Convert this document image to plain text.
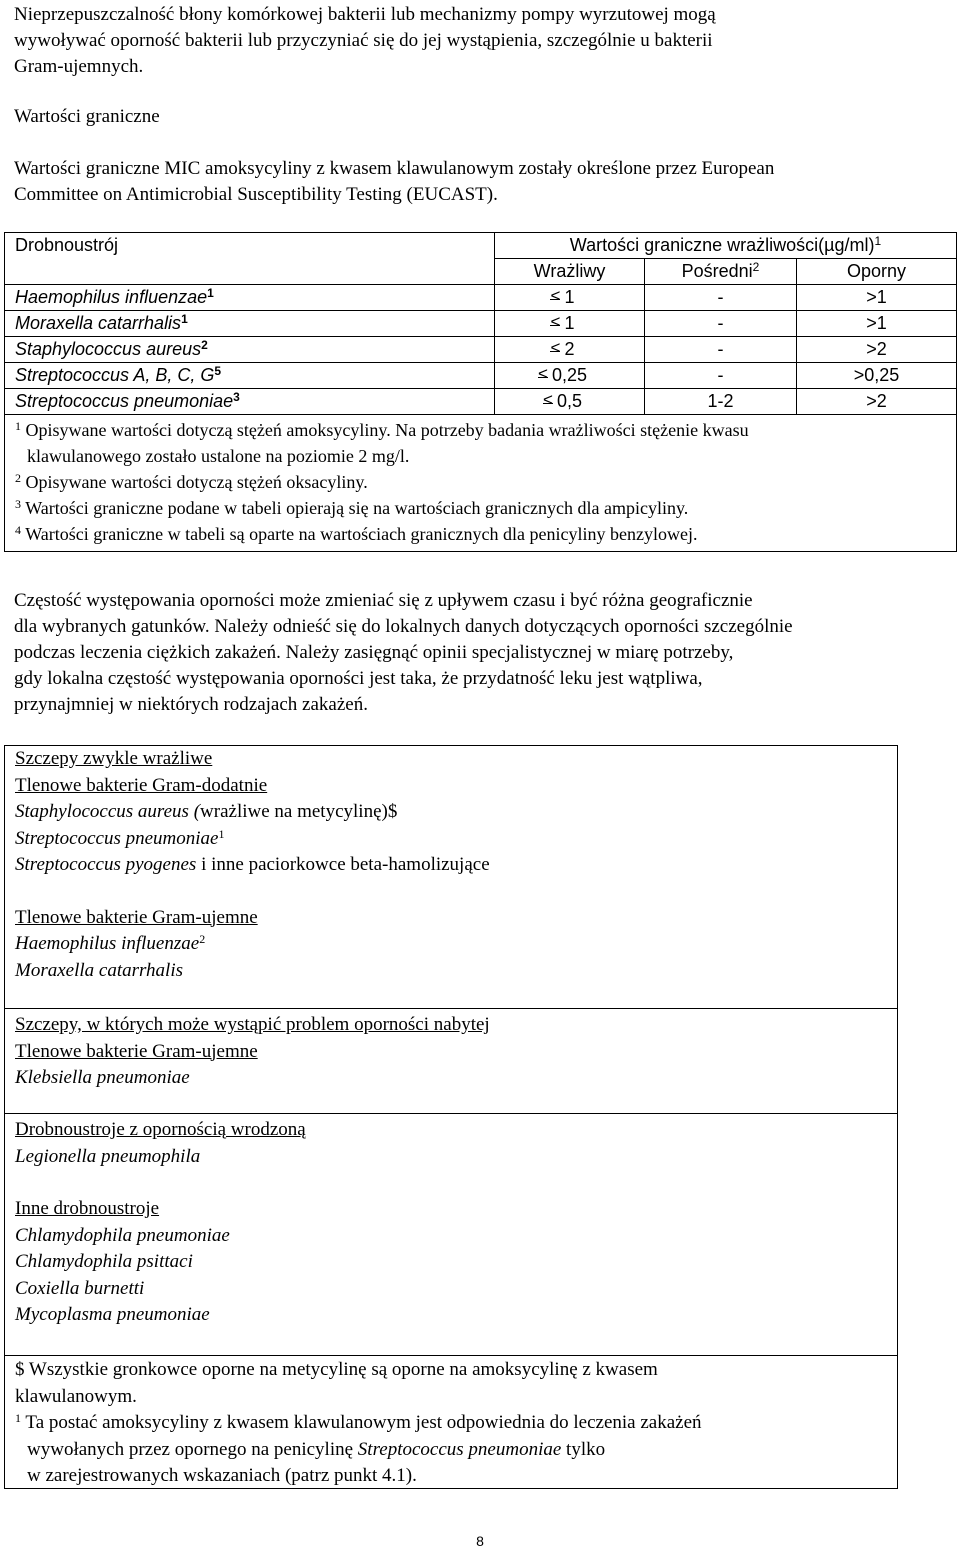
Nieprzepuszczalność błony komórkowej bakterii lub mechanizmy pompy wyrzutowej mogą

wywoływać oporność bakterii lub przyczyniać się do jej wystąpienia, szczególnie u bakterii

Gram-ujemnych.

Wartości graniczne

Wartości graniczne MIC amoksycyliny z kwasem klawulanowym zostały określone przez European

Committee on Antimicrobial Susceptibility Testing (EUCAST).

Drobnoustrój	Wartości graniczne $wrażliwości(\mu g/ml)^1$
	Wrażliwy	Pośredni$^2$	Oporny
Haemophilus influenzae$^1$	1 <	-	>1
Moraxella catarrhalis$^1$	1 <	-	>1
Staphylococcus aureus$^2$	2 <	-	>2
Streptococcus A, B, C, $G^5$	0,25 <	-	>0,25
Streptococcus pneumoniae$^3$	0,5 <	1-2	>2

$^1$ Opisywane wartości dotyczą stężeń amoksycyliny. Na potrzeby badania wrażliwości stężenie kwasu
klawulanowego zostało ustalone na poziomie 2 mg/l.
$^2$ Opisywane wartości dotyczą stężeń oksacyliny.
$^3$ Wartości graniczne podane w tabeli opierają się na wartościach granicznych dla ampicyliny.
$^4$ Wartości graniczne w tabeli są oparte na wartościach granicznych dla penicyliny benzylowej.			

Częstość występowania oporności może zmieniać się z upływem czasu i być różna geograficznie

dla wybranych gatunków. Należy odnieść się do lokalnych danych dotyczących oporności szczególnie

podczas leczenia ciężkich zakażeń. Należy zasięgnąć opinii specjalistycznej w miarę potrzeby,

gdy lokalna częstość występowania oporności jest taka, że przydatność leku jest wątpliwa,

przynajmniej w niektórych rodzajach zakażeń.

Szczepy zwykle wrażliwe

Tlenowe bakterie Gram-dodatnie

Staphylococcus aureus (wrażliwe na metycylinę)$

Streptococcus pneumoniae$^1$

Streptococcus pyogenes i inne paciorkowce beta-hamolizujące

Tlenowe bakterie Gram-ujemne

Haemophilus influenzae$^2$

Moraxella catarrhalis

Szczepy, w których może wystąpić problem oporności nabytej

Tlenowe bakterie Gram-ujemne

Klebsiella pneumoniae

Drobnoustroje z opornością wrodzoną

Legionella pneumophila

Inne drobnoustroje

Chlamydophila pneumoniae

Chlamydophila psittaci

Coxiella burnetti

Mycoplasma pneumoniae

$ Wszystkie gronkowce oporne na metycylinę są oporne na amoksycylinę z kwasem

klawulanowym.

$^1$ Ta postać amoksycyliny z kwasem klawulanowym jest odpowiednia do leczenia zakażeń

wywołanych przez opornego na penicylinę Streptococcus pneumoniae tylko

w zarejestrowanych wskazaniach (patrz punkt 4.1).

8
